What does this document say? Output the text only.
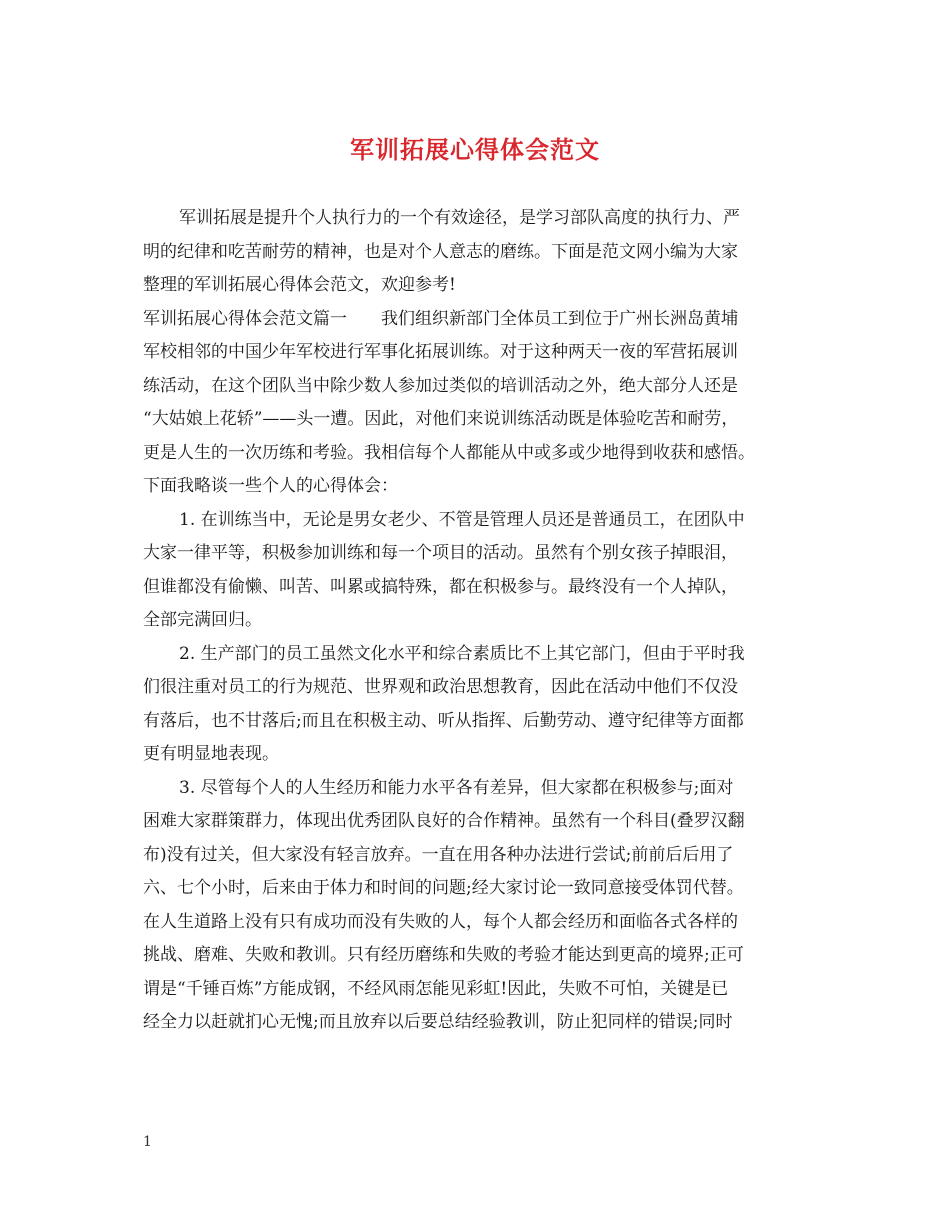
军训拓展心得体会范文
军训拓展是提升个人执行力的一个有效途径，是学习部队高度的执行力、严
明的纪律和吃苦耐劳的精神，也是对个人意志的磨练。下面是范文网小编为大家
整理的军训拓展心得体会范文，欢迎参考!
军训拓展心得体会范文篇一　　我们组织新部门全体员工到位于广州长洲岛黄埔
军校相邻的中国少年军校进行军事化拓展训练。对于这种两天一夜的军营拓展训
练活动，在这个团队当中除少数人参加过类似的培训活动之外，绝大部分人还是
“大姑娘上花轿”——头一遭。因此，对他们来说训练活动既是体验吃苦和耐劳，
更是人生的一次历练和考验。我相信每个人都能从中或多或少地得到收获和感悟。
下面我略谈一些个人的心得体会：
1. 在训练当中，无论是男女老少、不管是管理人员还是普通员工，在团队中
大家一律平等，积极参加训练和每一个项目的活动。虽然有个别女孩子掉眼泪，
但谁都没有偷懒、叫苦、叫累或搞特殊，都在积极参与。最终没有一个人掉队，
全部完满回归。
2. 生产部门的员工虽然文化水平和综合素质比不上其它部门，但由于平时我
们很注重对员工的行为规范、世界观和政治思想教育，因此在活动中他们不仅没
有落后，也不甘落后;而且在积极主动、听从指挥、后勤劳动、遵守纪律等方面都
更有明显地表现。
3. 尽管每个人的人生经历和能力水平各有差异，但大家都在积极参与;面对
困难大家群策群力，体现出优秀团队良好的合作精神。虽然有一个科目(叠罗汉翻
布)没有过关，但大家没有轻言放弃。一直在用各种办法进行尝试;前前后后用了
六、七个小时，后来由于体力和时间的问题;经大家讨论一致同意接受体罚代替。
在人生道路上没有只有成功而没有失败的人，每个人都会经历和面临各式各样的
挑战、磨难、失败和教训。只有经历磨练和失败的考验才能达到更高的境界;正可
谓是“千锤百炼”方能成钢，不经风雨怎能见彩虹!因此，失败不可怕，关键是已
经全力以赶就扪心无愧;而且放弃以后要总结经验教训，防止犯同样的错误;同时
1
